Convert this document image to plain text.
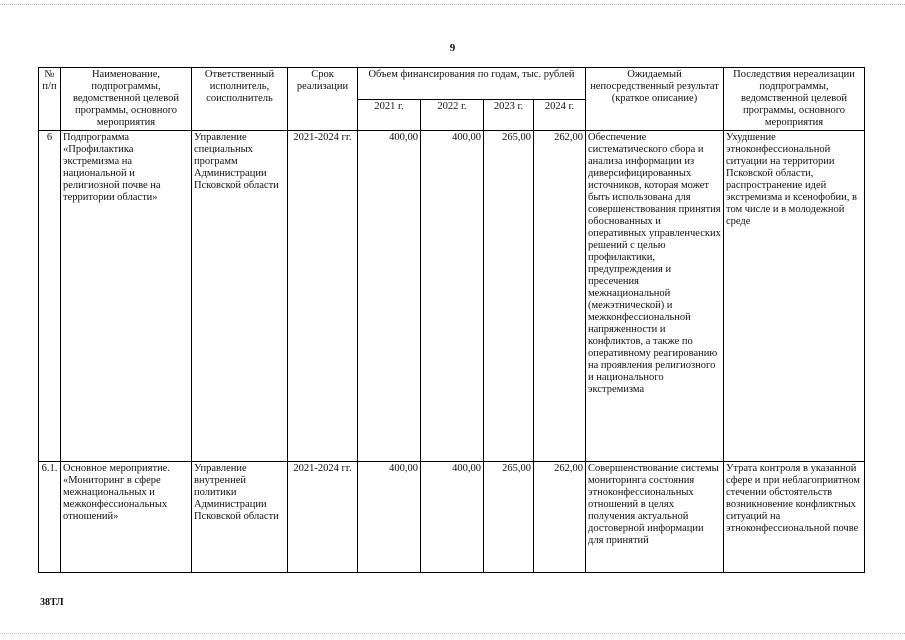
9
№ п/п	Наименование, подпрограммы, ведомственной целевой программы, основного мероприятия	Ответственный исполнитель, соисполнитель	Срок реализации	Объем финансирования по годам, тыс. рублей				Ожидаемый непосредственный результат (краткое описание)	Последствия нереализации подпрограммы, ведомственной целевой программы, основного мероприятия
				2021 г.	2022 г.	2023 г.	2024 г.		
6	Подпрограмма «Профилактика экстремизма на национальной и религиозной почве на территории области»	Управление специальных программ Администрации Псковской области	2021-2024 гг.	400,00	400,00	265,00	262,00	Обеспечение систематического сбора и анализа информации из диверсифицированных источников, которая может быть использована для совершенствования принятия обоснованных и оперативных управленческих решений с целью профилактики, предупреждения и пресечения межнациональной (межэтнической) и межконфессиональной напряженности и конфликтов, а также по оперативному реагированию на проявления религиозного и национального экстремизма	Ухудшение этноконфессиональной ситуации на территории Псковской области, распространение идей экстремизма и ксенофобии, в том числе и в молодежной среде
6.1.	Основное мероприятие. «Мониторинг в сфере межнациональных и межконфессиональных отношений»	Управление внутренней политики Администрации Псковской области	2021-2024 гг.	400,00	400,00	265,00	262,00	Совершенствование системы мониторинга состояния этноконфессиональных отношений в целях получения актуальной достоверной информации для принятий	Утрата контроля в указанной сфере и при неблагоприятном стечении обстоятельств возникновение конфликтных ситуаций на этноконфессиональной почве
38ТЛ
